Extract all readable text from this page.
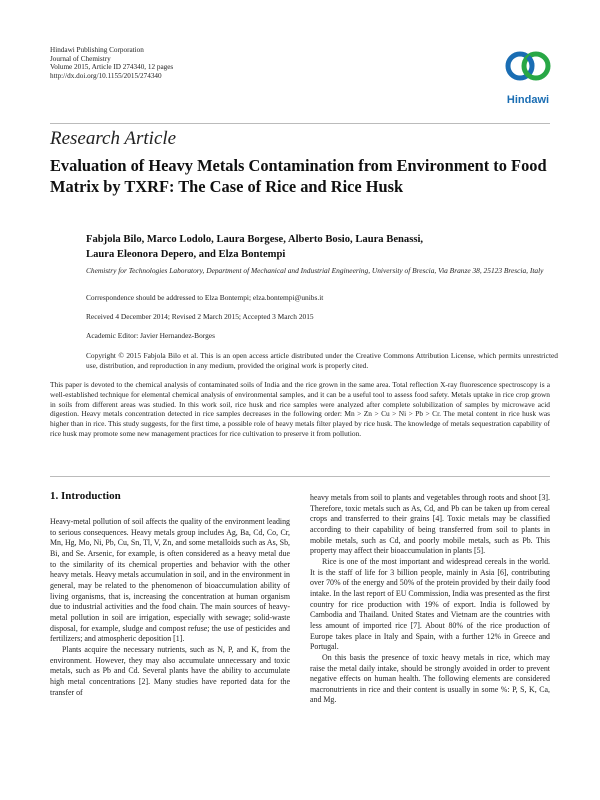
Hindawi Publishing Corporation
Journal of Chemistry
Volume 2015, Article ID 274340, 12 pages
http://dx.doi.org/10.1155/2015/274340
Hindawi
Research Article
Evaluation of Heavy Metals Contamination from Environment to Food Matrix by TXRF: The Case of Rice and Rice Husk
Fabjola Bilo, Marco Lodolo, Laura Borgese, Alberto Bosio, Laura Benassi,
Laura Eleonora Depero, and Elza Bontempi
Chemistry for Technologies Laboratory, Department of Mechanical and Industrial Engineering, University of Brescia, Via Branze 38, 25123 Brescia, Italy
Correspondence should be addressed to Elza Bontempi; elza.bontempi@unibs.it
Received 4 December 2014; Revised 2 March 2015; Accepted 3 March 2015
Academic Editor: Javier Hernandez-Borges
Copyright © 2015 Fabjola Bilo et al. This is an open access article distributed under the Creative Commons Attribution License, which permits unrestricted use, distribution, and reproduction in any medium, provided the original work is properly cited.
This paper is devoted to the chemical analysis of contaminated soils of India and the rice grown in the same area. Total reflection X-ray fluorescence spectroscopy is a well-established technique for elemental chemical analysis of environmental samples, and it can be a useful tool to assess food safety. Metals uptake in rice crop grown in soils from different areas was studied. In this work soil, rice husk and rice samples were analyzed after complete solubilization of samples by microwave acid digestion. Heavy metals concentration detected in rice samples decreases in the following order: Mn > Zn > Cu > Ni > Pb > Cr. The metal content in rice husk was higher than in rice. This study suggests, for the first time, a possible role of heavy metals filter played by rice husk. The knowledge of metals sequestration capability of rice husk may promote some new management practices for rice cultivation to preserve it from pollution.
1. Introduction

Heavy-metal pollution of soil affects the quality of the environment leading to serious consequences. Heavy metals group includes Ag, Ba, Cd, Co, Cr, Mn, Hg, Mo, Ni, Pb, Cu, Sn, Tl, V, Zn, and some metalloids such as As, Sb, Bi, and Se. Arsenic, for example, is often considered as a heavy metal due to the similarity of its chemical properties and behavior with the other heavy metals. Heavy metals accumulation in soil, and in the environment in general, may be related to the phenomenon of bioaccumulation ability of living organisms, that is, increasing the concentration at human organism due to industrial activities and the food chain. The main sources of heavy-metal pollution in soil are irrigation, especially with sewage; solid-waste disposal, for example, sludge and compost refuse; the use of pesticides and fertilizers; and atmospheric deposition [1].

Plants acquire the necessary nutrients, such as N, P, and K, from the environment. However, they may also accumulate unnecessary and toxic metals, such as Pb and Cd. Several plants have the ability to accumulate high metal concentrations [2]. Many studies have reported data for the transfer of

heavy metals from soil to plants and vegetables through roots and shoot [3]. Therefore, toxic metals such as As, Cd, and Pb can be taken up from cereal crops and transferred to their grains [4]. Toxic metals may be classified according to their capability of being transferred from soil to plants in mobile metals, such as Cd, and poorly mobile metals, such as Pb. This property may affect their bioaccumulation in plants [5].

Rice is one of the most important and widespread cereals in the world. It is the staff of life for 3 billion people, mainly in Asia [6], contributing over 70% of the energy and 50% of the protein provided by their daily food intake. In the last report of EU Commission, India was presented as the first country for rice production with 19% of export. India is followed by Cambodia and Thailand. United States and Vietnam are the countries with less amount of imported rice [7]. About 80% of the rice production of Europe takes place in Italy and Spain, with a further 12% in Greece and Portugal.

On this basis the presence of toxic heavy metals in rice, which may raise the metal daily intake, should be strongly avoided in order to prevent negative effects on human health. The following elements are considered macronutrients in rice and their content is usually in some %: P, S, K, Ca, and Mg.
